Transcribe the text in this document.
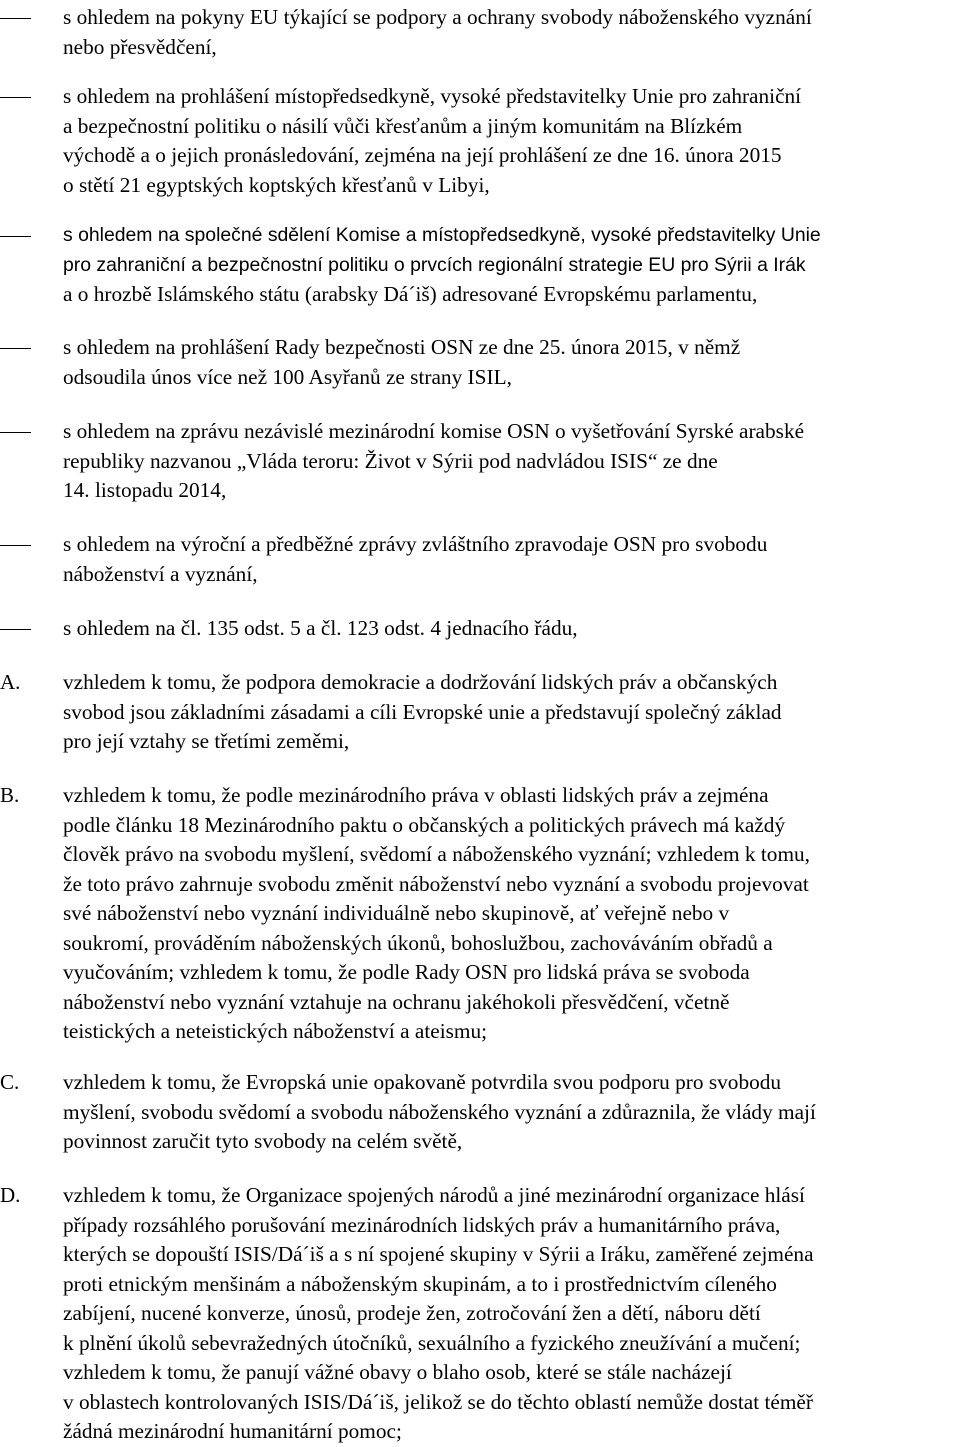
s ohledem na pokyny EU týkající se podpory a ochrany svobody náboženského vyznání
nebo přesvědčení,
s ohledem na prohlášení místopředsedkyně, vysoké představitelky Unie pro zahraniční
a bezpečnostní politiku o násilí vůči křesťanům a jiným komunitám na Blízkém
východě a o jejich pronásledování, zejména na její prohlášení ze dne 16. února 2015
o stětí 21 egyptských koptských křesťanů v Libyi,
s ohledem na společné sdělení Komise a místopředsedkyně, vysoké představitelky Unie
pro zahraniční a bezpečnostní politiku o prvcích regionální strategie EU pro Sýrii a Irák
a o hrozbě Islámského státu (arabsky Dá´iš) adresované Evropskému parlamentu,
s ohledem na prohlášení Rady bezpečnosti OSN ze dne 25. února 2015, v němž
odsoudila únos více než 100 Asyřanů ze strany ISIL,
s ohledem na zprávu nezávislé mezinárodní komise OSN o vyšetřování Syrské arabské
republiky nazvanou „Vláda teroru: Život v Sýrii pod nadvládou ISIS“ ze dne
14. listopadu 2014,
s ohledem na výroční a předběžné zprávy zvláštního zpravodaje OSN pro svobodu
náboženství a vyznání,
s ohledem na čl. 135 odst. 5 a čl. 123 odst. 4 jednacího řádu,
A. vzhledem k tomu, že podpora demokracie a dodržování lidských práv a občanských
svobod jsou základními zásadami a cíli Evropské unie a představují společný základ
pro její vztahy se třetími zeměmi,
B. vzhledem k tomu, že podle mezinárodního práva v oblasti lidských práv a zejména
podle článku 18 Mezinárodního paktu o občanských a politických právech má každý
člověk právo na svobodu myšlení, svědomí a náboženského vyznání; vzhledem k tomu,
že toto právo zahrnuje svobodu změnit náboženství nebo vyznání a svobodu projevovat
své náboženství nebo vyznání individuálně nebo skupinově, ať veřejně nebo v
soukromí, prováděním náboženských úkonů, bohoslužbou, zachováváním obřadů a
vyučováním; vzhledem k tomu, že podle Rady OSN pro lidská práva se svoboda
náboženství nebo vyznání vztahuje na ochranu jakéhokoli přesvědčení, včetně
teistických a neteistických náboženství a ateismu;
C. vzhledem k tomu, že Evropská unie opakovaně potvrdila svou podporu pro svobodu
myšlení, svobodu svědomí a svobodu náboženského vyznání a zdůraznila, že vlády mají
povinnost zaručit tyto svobody na celém světě,
D. vzhledem k tomu, že Organizace spojených národů a jiné mezinárodní organizace hlásí
případy rozsáhlého porušování mezinárodních lidských práv a humanitárního práva,
kterých se dopouští ISIS/Dá´iš a s ní spojené skupiny v Sýrii a Iráku, zaměřené zejména
proti etnickým menšinám a náboženským skupinám, a to i prostřednictvím cíleného
zabíjení, nucené konverze, únosů, prodeje žen, zotročování žen a dětí, náboru dětí
k plnění úkolů sebevražedných útočníků, sexuálního a fyzického zneužívání a mučení;
vzhledem k tomu, že panují vážné obavy o blaho osob, které se stále nacházejí
v oblastech kontrolovaných ISIS/Dá´iš, jelikož se do těchto oblastí nemůže dostat téměř
žádná mezinárodní humanitární pomoc;
